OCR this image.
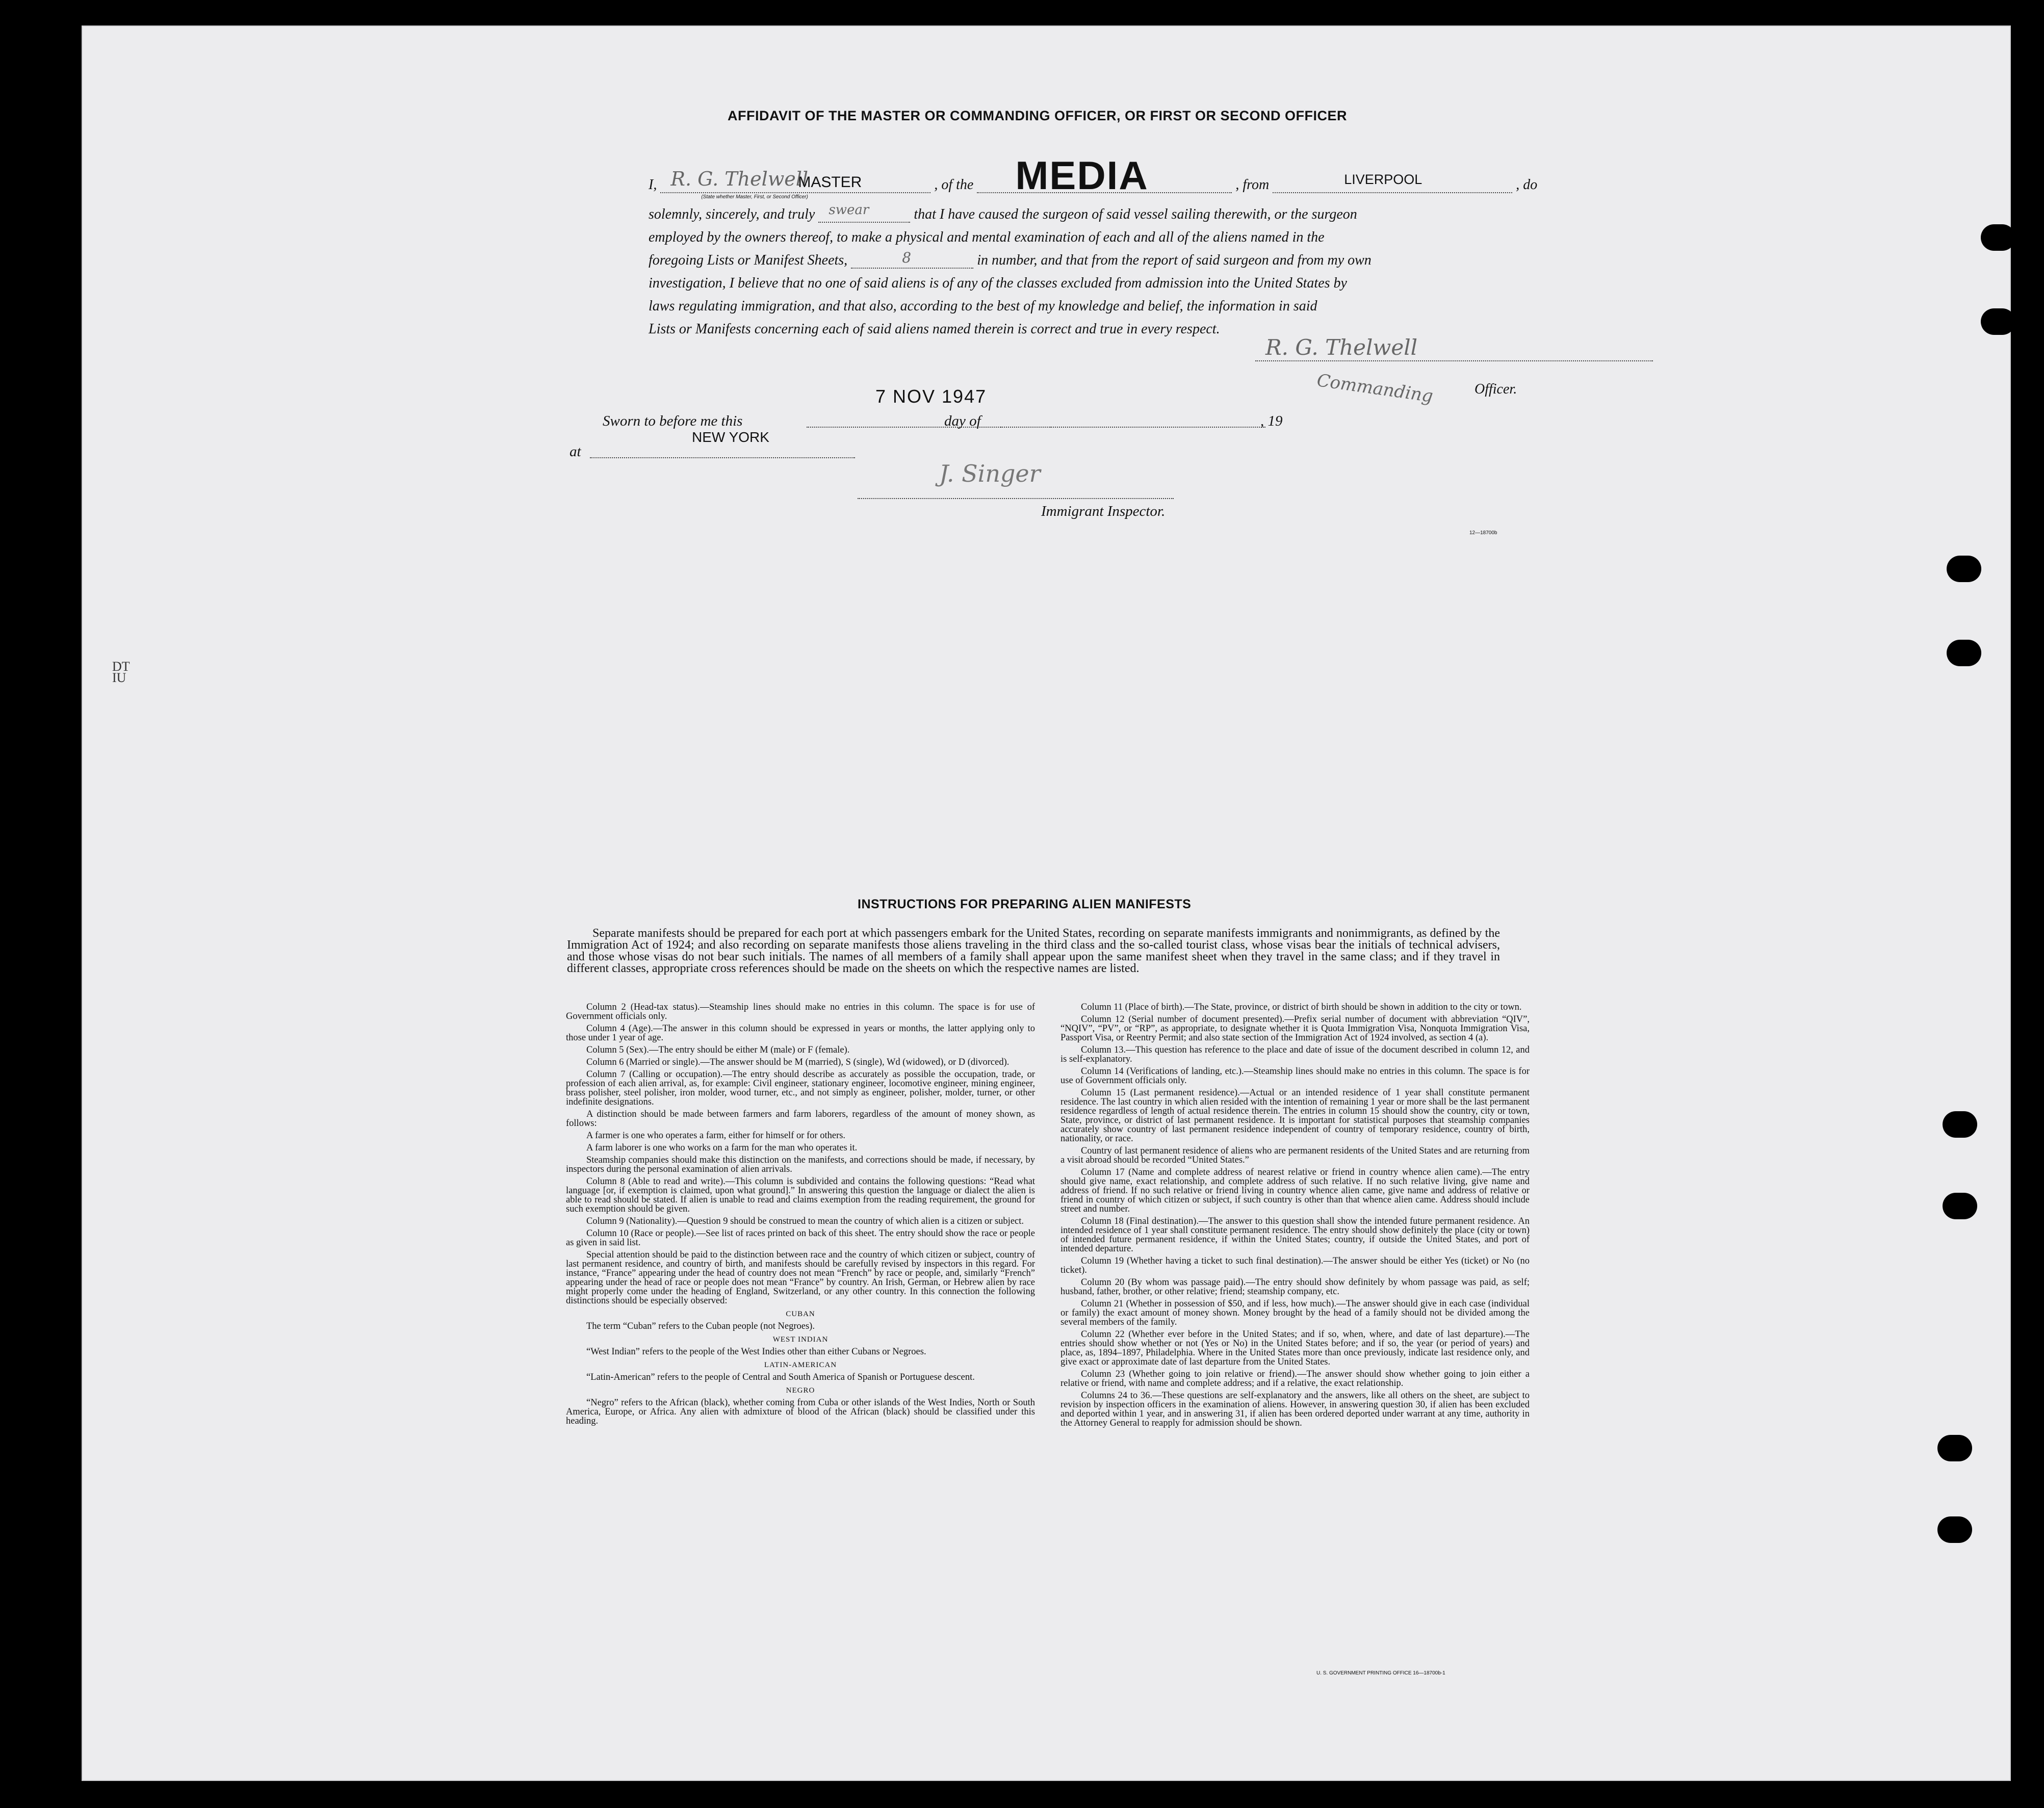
AFFIDAVIT OF THE MASTER OR COMMANDING OFFICER, OR FIRST OR SECOND OFFICER
I, R. G. Thelwell
MASTER
(State whether Master, First, or Second Officer)
, of the MEDIA	, from	LIVERPOOL	, do
solemnly, sincerely, and truly swear	that I have caused the surgeon of said vessel sailing therewith, or the surgeon
employed by the owners thereof, to make a physical and mental examination of each and all of the aliens named in the
foregoing Lists or Manifest Sheets,	8	in number, and that from the report of said surgeon and from my own
investigation, I believe that no one of said aliens is of any of the classes excluded from admission into the United States by
laws regulating immigration, and that also, according to the best of my knowledge and belief, the information in said
Lists or Manifests concerning each of said aliens named therein is correct and true in every respect.
R. G. Thelwell
Commanding	Officer.
Sworn to before me this
7 NOV 1947
day of	, 19
at
NEW YORK
J. Singer
Immigrant Inspector.
12—18700b
DT
IU
INSTRUCTIONS FOR PREPARING ALIEN MANIFESTS
Separate manifests should be prepared for each port at which passengers embark for the United States, recording on separate manifests immigrants and nonimmigrants, as defined by the Immigration Act of 1924; and also recording on separate manifests those aliens traveling in the third class and the so-called tourist class, whose visas bear the initials of technical advisers, and those whose visas do not bear such initials. The names of all members of a family shall appear upon the same manifest sheet when they travel in the same class; and if they travel in different classes, appropriate cross references should be made on the sheets on which the respective names are listed.

Column 2 (Head-tax status).—Steamship lines should make no entries in this column. The space is for use of Government officials only.

Column 4 (Age).—The answer in this column should be expressed in years or months, the latter applying only to those under 1 year of age.

Column 5 (Sex).—The entry should be either M (male) or F (female).

Column 6 (Married or single).—The answer should be M (married), S (single), Wd (widowed), or D (divorced).

Column 7 (Calling or occupation).—The entry should describe as accurately as possible the occupation, trade, or profession of each alien arrival, as, for example: Civil engineer, stationary engineer, locomotive engineer, mining engineer, brass polisher, steel polisher, iron molder, wood turner, etc., and not simply as engineer, polisher, molder, turner, or other indefinite designations.

A distinction should be made between farmers and farm laborers, regardless of the amount of money shown, as follows:

A farmer is one who operates a farm, either for himself or for others.

A farm laborer is one who works on a farm for the man who operates it.

Steamship companies should make this distinction on the manifests, and corrections should be made, if necessary, by inspectors during the personal examination of alien arrivals.

Column 8 (Able to read and write).—This column is subdivided and contains the following questions: “Read what language [or, if exemption is claimed, upon what ground].” In answering this question the language or dialect the alien is able to read should be stated. If alien is unable to read and claims exemption from the reading requirement, the ground for such exemption should be given.

Column 9 (Nationality).—Question 9 should be construed to mean the country of which alien is a citizen or subject.

Column 10 (Race or people).—See list of races printed on back of this sheet. The entry should show the race or people as given in said list.

Special attention should be paid to the distinction between race and the country of which citizen or subject, country of last permanent residence, and country of birth, and manifests should be carefully revised by inspectors in this regard. For instance, “France” appearing under the head of country does not mean “French” by race or people, and, similarly “French” appearing under the head of race or people does not mean “France” by country. An Irish, German, or Hebrew alien by race might properly come under the heading of England, Switzerland, or any other country. In this connection the following distinctions should be especially observed:

CUBAN

The term “Cuban” refers to the Cuban people (not Negroes).

WEST INDIAN

“West Indian” refers to the people of the West Indies other than either Cubans or Negroes.

LATIN-AMERICAN

“Latin-American” refers to the people of Central and South America of Spanish or Portuguese descent.

NEGRO

“Negro” refers to the African (black), whether coming from Cuba or other islands of the West Indies, North or South America, Europe, or Africa. Any alien with admixture of blood of the African (black) should be classified under this heading.

Column 11 (Place of birth).—The State, province, or district of birth should be shown in addition to the city or town.

Column 12 (Serial number of document presented).—Prefix serial number of document with abbreviation “QIV”, “NQIV”, “PV”, or “RP”, as appropriate, to designate whether it is Quota Immigration Visa, Nonquota Immigration Visa, Passport Visa, or Reentry Permit; and also state section of the Immigration Act of 1924 involved, as section 4 (a).

Column 13.—This question has reference to the place and date of issue of the document described in column 12, and is self-explanatory.

Column 14 (Verifications of landing, etc.).—Steamship lines should make no entries in this column. The space is for use of Government officials only.

Column 15 (Last permanent residence).—Actual or an intended residence of 1 year shall constitute permanent residence. The last country in which alien resided with the intention of remaining 1 year or more shall be the last permanent residence regardless of length of actual residence therein. The entries in column 15 should show the country, city or town, State, province, or district of last permanent residence. It is important for statistical purposes that steamship companies accurately show country of last permanent residence independent of country of temporary residence, country of birth, nationality, or race.

Country of last permanent residence of aliens who are permanent residents of the United States and are returning from a visit abroad should be recorded “United States.”

Column 17 (Name and complete address of nearest relative or friend in country whence alien came).—The entry should give name, exact relationship, and complete address of such relative. If no such relative living, give name and address of friend. If no such relative or friend living in country whence alien came, give name and address of relative or friend in country of which citizen or subject, if such country is other than that whence alien came. Address should include street and number.

Column 18 (Final destination).—The answer to this question shall show the intended future permanent residence. An intended residence of 1 year shall constitute permanent residence. The entry should show definitely the place (city or town) of intended future permanent residence, if within the United States; country, if outside the United States, and port of intended departure.

Column 19 (Whether having a ticket to such final destination).—The answer should be either Yes (ticket) or No (no ticket).

Column 20 (By whom was passage paid).—The entry should show definitely by whom passage was paid, as self; husband, father, brother, or other relative; friend; steamship company, etc.

Column 21 (Whether in possession of $50, and if less, how much).—The answer should give in each case (individual or family) the exact amount of money shown. Money brought by the head of a family should not be divided among the several members of the family.

Column 22 (Whether ever before in the United States; and if so, when, where, and date of last departure).—The entries should show whether or not (Yes or No) in the United States before; and if so, the year (or period of years) and place, as, 1894–1897, Philadelphia. Where in the United States more than once previously, indicate last residence only, and give exact or approximate date of last departure from the United States.

Column 23 (Whether going to join relative or friend).—The answer should show whether going to join either a relative or friend, with name and complete address; and if a relative, the exact relationship.

Columns 24 to 36.—These questions are self-explanatory and the answers, like all others on the sheet, are subject to revision by inspection officers in the examination of aliens. However, in answering question 30, if alien has been excluded and deported within 1 year, and in answering 31, if alien has been ordered deported under warrant at any time, authority in the Attorney General to reapply for admission should be shown.

U. S. GOVERNMENT PRINTING OFFICE 16—18700b-1
